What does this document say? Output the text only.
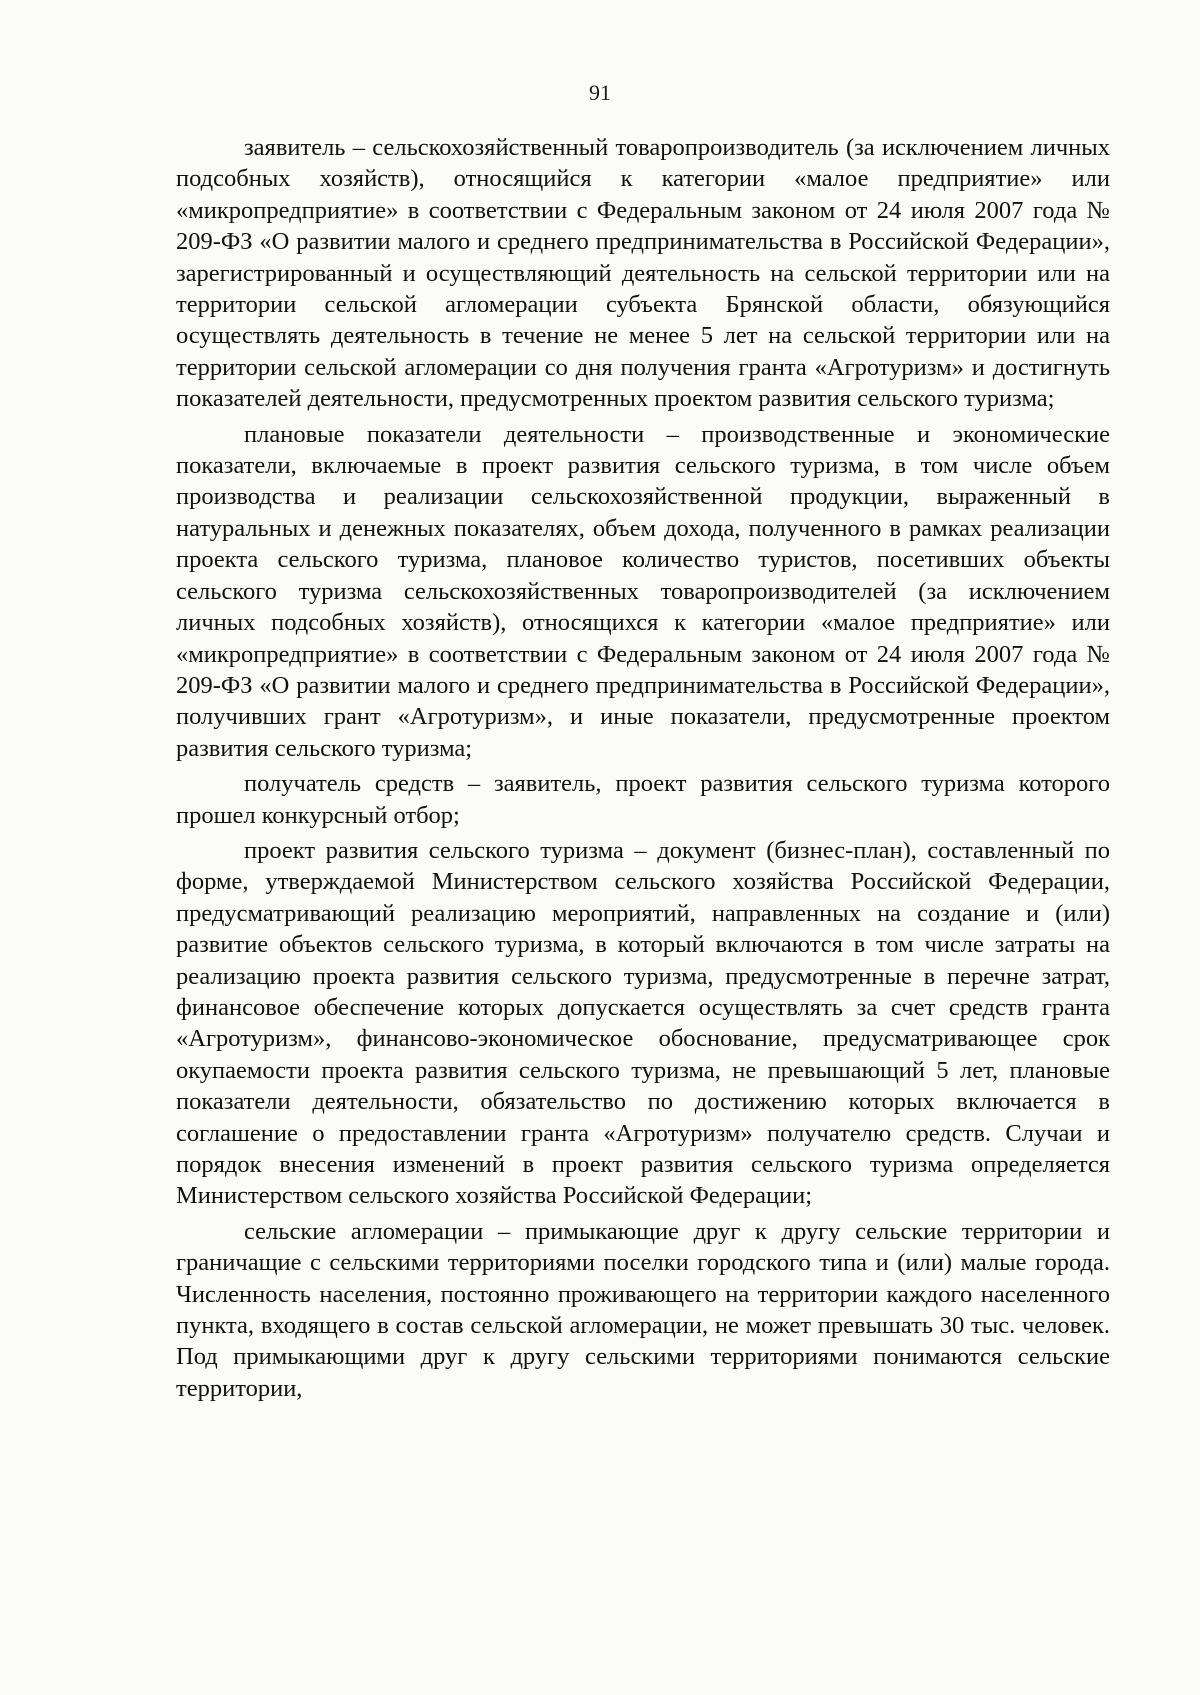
91

заявитель – сельскохозяйственный товаропроизводитель (за исключением личных подсобных хозяйств), относящийся к категории «малое предприятие» или «микропредприятие» в соответствии с Федеральным законом от 24 июля 2007 года № 209-ФЗ «О развитии малого и среднего предпринимательства в Российской Федерации», зарегистрированный и осуществляющий деятельность на сельской территории или на территории сельской агломерации субъекта Брянской области, обязующийся осуществлять деятельность в течение не менее 5 лет на сельской территории или на территории сельской агломерации со дня получения гранта «Агротуризм» и достигнуть показателей деятельности, предусмотренных проектом развития сельского туризма;

плановые показатели деятельности – производственные и экономические показатели, включаемые в проект развития сельского туризма, в том числе объем производства и реализации сельскохозяйственной продукции, выраженный в натуральных и денежных показателях, объем дохода, полученного в рамках реализации проекта сельского туризма, плановое количество туристов, посетивших объекты сельского туризма сельскохозяйственных товаропроизводителей (за исключением личных подсобных хозяйств), относящихся к категории «малое предприятие» или «микропредприятие» в соответствии с Федеральным законом от 24 июля 2007 года № 209-ФЗ «О развитии малого и среднего предпринимательства в Российской Федерации», получивших грант «Агротуризм», и иные показатели, предусмотренные проектом развития сельского туризма;

получатель средств – заявитель, проект развития сельского туризма которого прошел конкурсный отбор;

проект развития сельского туризма – документ (бизнес-план), составленный по форме, утверждаемой Министерством сельского хозяйства Российской Федерации, предусматривающий реализацию мероприятий, направленных на создание и (или) развитие объектов сельского туризма, в который включаются в том числе затраты на реализацию проекта развития сельского туризма, предусмотренные в перечне затрат, финансовое обеспечение которых допускается осуществлять за счет средств гранта «Агротуризм», финансово-экономическое обоснование, предусматривающее срок окупаемости проекта развития сельского туризма, не превышающий 5 лет, плановые показатели деятельности, обязательство по достижению которых включается в соглашение о предоставлении гранта «Агротуризм» получателю средств. Случаи и порядок внесения изменений в проект развития сельского туризма определяется Министерством сельского хозяйства Российской Федерации;

сельские агломерации – примыкающие друг к другу сельские территории и граничащие с сельскими территориями поселки городского типа и (или) малые города. Численность населения, постоянно проживающего на территории каждого населенного пункта, входящего в состав сельской агломерации, не может превышать 30 тыс. человек. Под примыкающими друг к другу сельскими территориями понимаются сельские территории,
